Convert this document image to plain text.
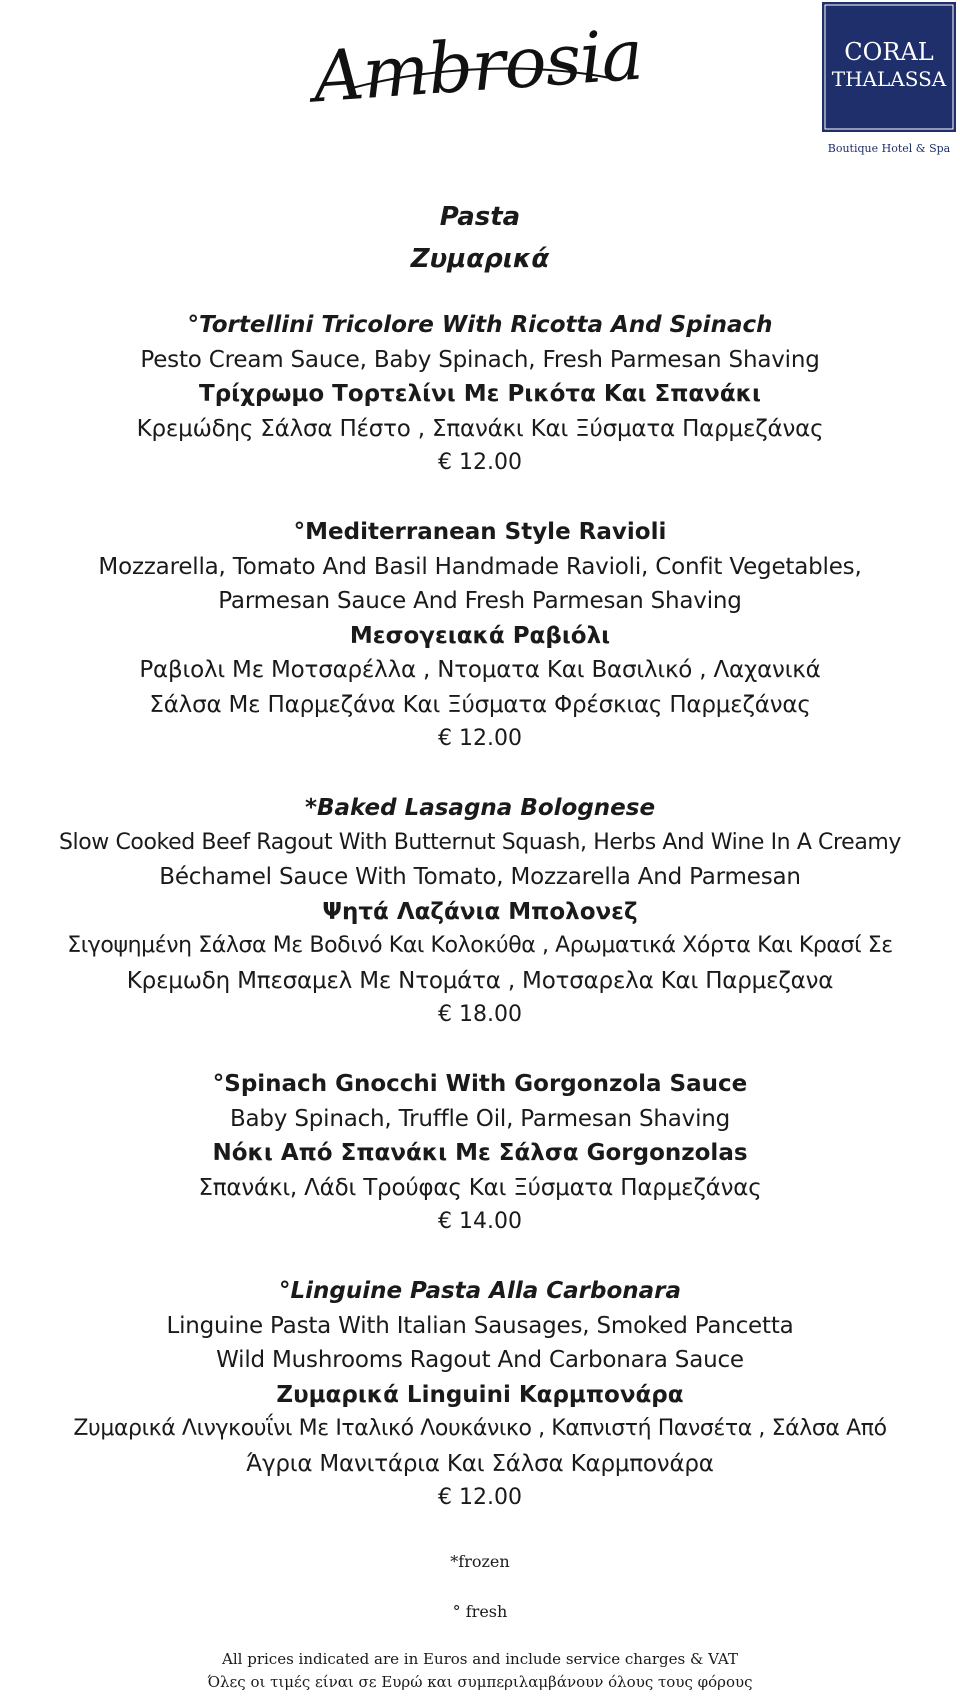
Ambrosia	CORAL
THALASSA
Boutique Hotel & Spa
Pasta
Ζυμαρικά
°Tortellini Tricolore With Ricotta And Spinach
Pesto Cream Sauce, Baby Spinach, Fresh Parmesan Shaving
Τρίχρωμο Τορτελίνι Με Ρικότα Και Σπανάκι
Κρεμώδης Σάλσα Πέστο , Σπανάκι Και Ξύσματα Παρμεζάνας
€ 12.00
°Mediterranean Style Ravioli
Mozzarella, Tomato And Basil Handmade Ravioli, Confit Vegetables,
Parmesan Sauce And Fresh Parmesan Shaving
Μεσογειακά Ραβιόλι
Ραβιολι Με Μοτσαρέλλα , Ντοματα Και Βασιλικό , Λαχανικά
Σάλσα Με Παρμεζάνα Και Ξύσματα Φρέσκιας Παρμεζάνας
€ 12.00
*Baked Lasagna Bolognese
Slow Cooked Beef Ragout With Butternut Squash, Herbs And Wine In A Creamy
Béchamel Sauce With Tomato, Mozzarella And Parmesan
Ψητά Λαζάνια Μπολονεζ
Σιγοψημένη Σάλσα Με Βοδινό Και Κολοκύθα , Αρωματικά Χόρτα Και Κρασί Σε
Κρεμωδη Μπεσαμελ Με Ντομάτα , Μοτσαρελα Και Παρμεζανα
€ 18.00
°Spinach Gnocchi With Gorgonzola Sauce
Baby Spinach, Truffle Oil, Parmesan Shaving
Νόκι Από Σπανάκι Με Σάλσα Gorgonzolas
Σπανάκι, Λάδι Τρούφας Και Ξύσματα Παρμεζάνας
€ 14.00
°Linguine Pasta Alla Carbonara
Linguine Pasta With Italian Sausages, Smoked Pancetta
Wild Mushrooms Ragout And Carbonara Sauce
Ζυμαρικά Linguini Καρμπονάρα
Ζυμαρικά Λινγκουΐνι Με Ιταλικό Λουκάνικο , Καπνιστή Πανσέτα , Σάλσα Από
Άγρια Μανιτάρια Και Σάλσα Καρμπονάρα
€ 12.00
*frozen
° fresh
All prices indicated are in Euros and include service charges & VAT
Όλες οι τιμές είναι σε Ευρώ και συμπεριλαμβάνουν όλους τους φόρους
